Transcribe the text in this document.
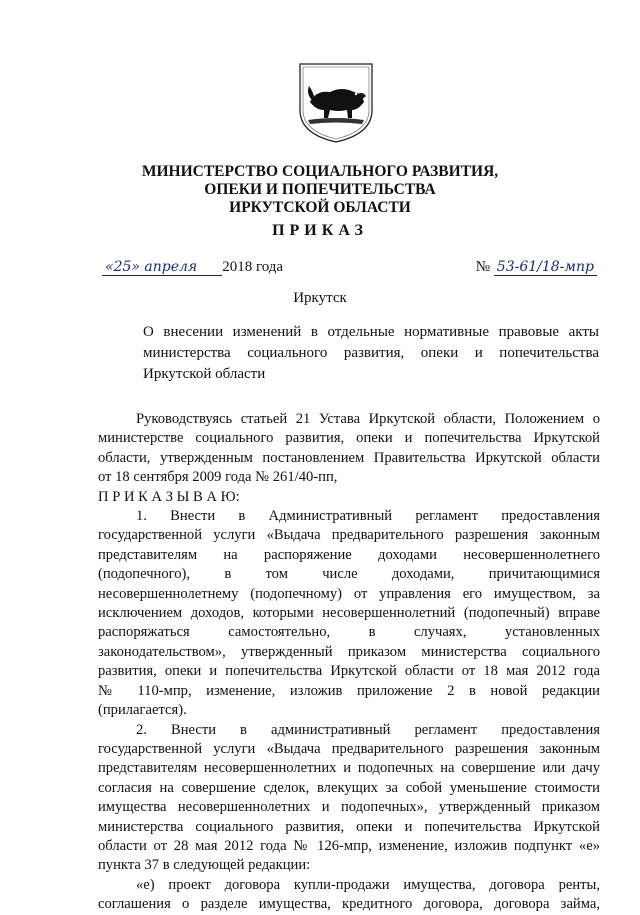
МИНИСТЕРСТВО СОЦИАЛЬНОГО РАЗВИТИЯ,
ОПЕКИ И ПОПЕЧИТЕЛЬСТВА
ИРКУТСКОЙ ОБЛАСТИ
ПРИКАЗ
«25» апреля 2018 года	№ 53-61/18-мпр
Иркутск
О внесении изменений в отдельные нормативные правовые акты
министерства социального развития, опеки и попечительства
Иркутской области

Руководствуясь статьей 21 Устава Иркутской области, Положением о
министерстве социального развития, опеки и попечительства Иркутской
области, утвержденным постановлением Правительства Иркутской области
от 18 сентября 2009 года № 261/40-пп,

П Р И К А З Ы В А Ю:

1. Внести в Административный регламент предоставления
государственной услуги «Выдача предварительного разрешения законным
представителям на распоряжение доходами несовершеннолетнего
(подопечного), в том числе доходами, причитающимися
несовершеннолетнему (подопечному) от управления его имуществом, за
исключением доходов, которыми несовершеннолетний (подопечный) вправе
распоряжаться самостоятельно, в случаях, установленных
законодательством», утвержденный приказом министерства социального
развития, опеки и попечительства Иркутской области от 18 мая 2012 года
№ 110-мпр, изменение, изложив приложение 2 в новой редакции
(прилагается).

2. Внести в административный регламент предоставления
государственной услуги «Выдача предварительного разрешения законным
представителям несовершеннолетних и подопечных на совершение или дачу
согласия на совершение сделок, влекущих за собой уменьшение стоимости
имущества несовершеннолетних и подопечных», утвержденный приказом
министерства социального развития, опеки и попечительства Иркутской
области от 28 мая 2012 года № 126-мпр, изменение, изложив подпункт «е»
пункта 37 в следующей редакции:

«е) проект договора купли-продажи имущества, договора ренты,
соглашения о разделе имущества, кредитного договора, договора займа,
